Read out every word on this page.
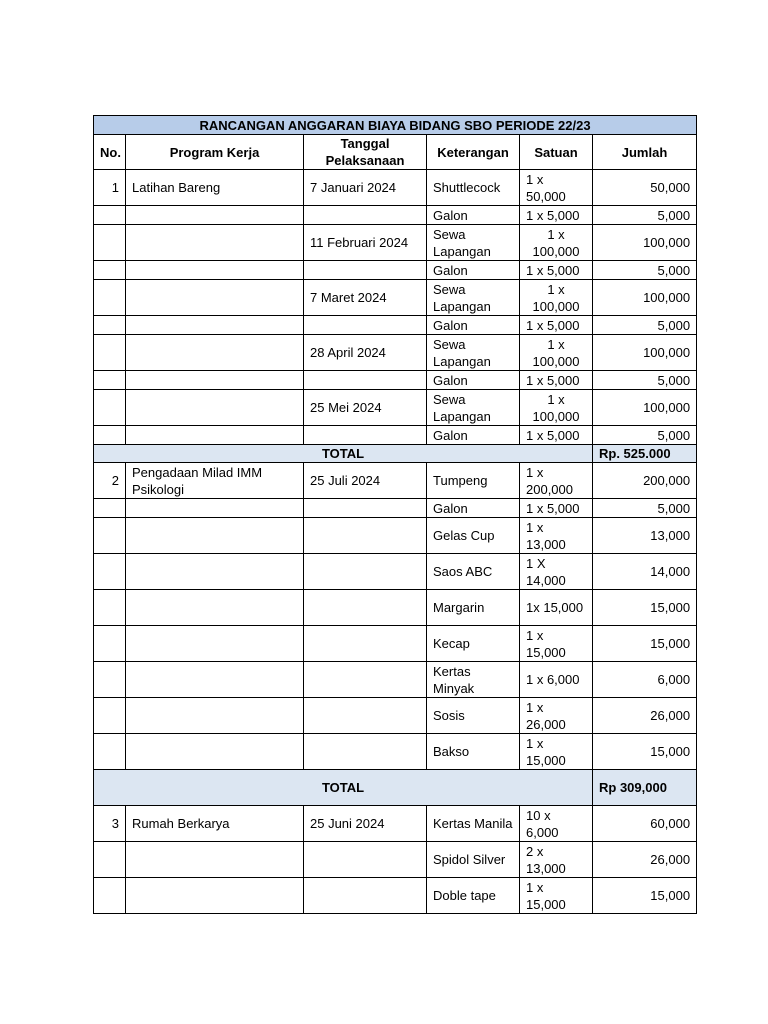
RANCANGAN ANGGARAN BIAYA BIDANG SBO PERIODE 22/23					
No.	Program Kerja	Tanggal Pelaksanaan	Keterangan	Satuan	Jumlah
1	Latihan Bareng	7 Januari 2024	Shuttlecock	1 x 50,000	50,000
			Galon	1 x 5,000	5,000
		11 Februari 2024	Sewa Lapangan	1 x 100,000	100,000
			Galon	1 x 5,000	5,000
		7 Maret 2024	Sewa Lapangan	1 x 100,000	100,000
			Galon	1 x 5,000	5,000
		28 April 2024	Sewa Lapangan	1 x 100,000	100,000
			Galon	1 x 5,000	5,000
		25 Mei 2024	Sewa Lapangan	1 x 100,000	100,000
			Galon	1 x 5,000	5,000
TOTAL					Rp. 525.000
2	Pengadaan Milad IMM Psikologi	25 Juli 2024	Tumpeng	1 x 200,000	200,000
			Galon	1 x 5,000	5,000
			Gelas Cup	1 x 13,000	13,000
			Saos ABC	1 X 14,000	14,000
			Margarin	1x 15,000	15,000
			Kecap	1 x 15,000	15,000
			Kertas Minyak	1 x 6,000	6,000
			Sosis	1 x 26,000	26,000
			Bakso	1 x 15,000	15,000
TOTAL					Rp 309,000
3	Rumah Berkarya	25 Juni 2024	Kertas Manila	10 x 6,000	60,000
			Spidol Silver	2 x 13,000	26,000
			Doble tape	1 x 15,000	15,000
